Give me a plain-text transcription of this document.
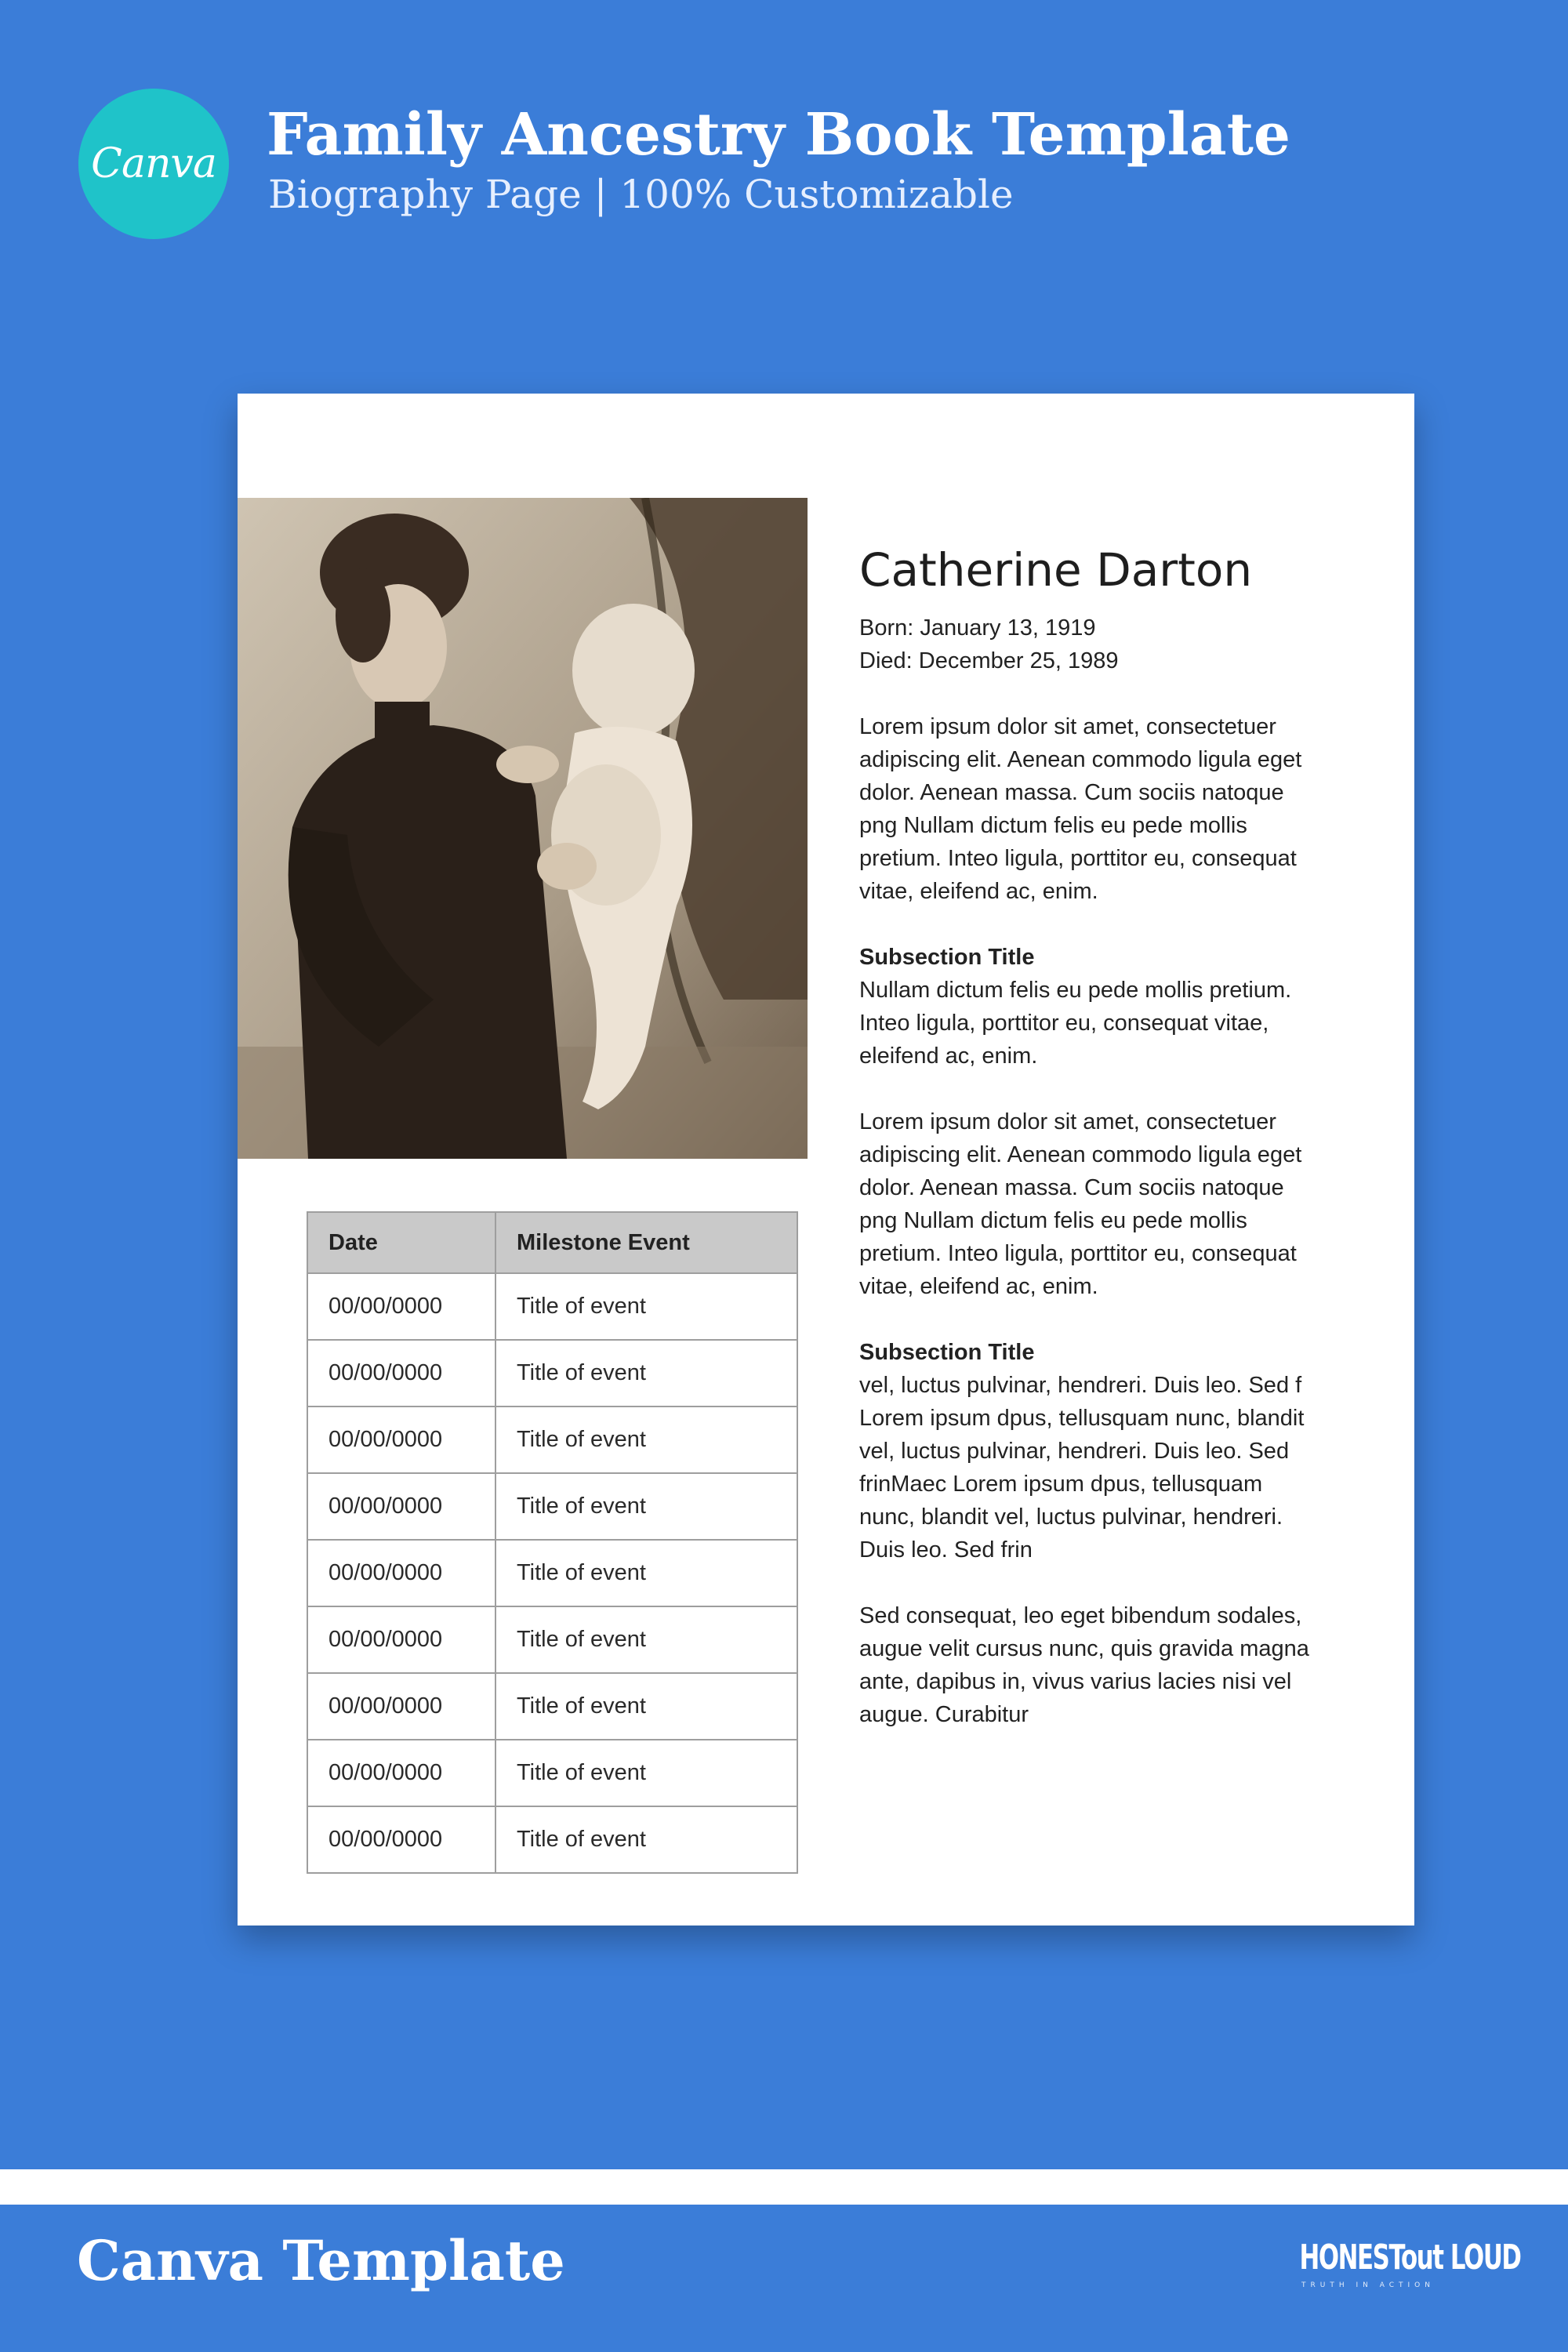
Canva Family Ancestry Book Template
Biography Page | 100% Customizable
Catherine Darton

Born: January 13, 1919

Died: December 25, 1989

Lorem ipsum dolor sit amet, consectetuer adipiscing elit. Aenean commodo ligula eget dolor. Aenean massa. Cum sociis natoque png Nullam dictum felis eu pede mollis pretium. Inteo ligula, porttitor eu, consequat vitae, eleifend ac, enim.

Subsection Title
Nullam dictum felis eu pede mollis pretium. Inteo ligula, porttitor eu, consequat vitae, eleifend ac, enim.

Lorem ipsum dolor sit amet, consectetuer adipiscing elit. Aenean commodo ligula eget dolor. Aenean massa. Cum sociis natoque png Nullam dictum felis eu pede mollis pretium. Inteo ligula, porttitor eu, consequat vitae, eleifend ac, enim.

Subsection Title
vel, luctus pulvinar, hendreri. Duis leo. Sed f Lorem ipsum dpus, tellusquam nunc, blandit vel, luctus pulvinar, hendreri. Duis leo. Sed frinMaec Lorem ipsum dpus, tellusquam nunc, blandit vel, luctus pulvinar, hendreri. Duis leo. Sed frin

Sed consequat, leo eget bibendum sodales, augue velit cursus nunc, quis gravida magna ante, dapibus in, vivus varius lacies nisi vel augue. Curabitur

Date	Milestone Event
00/00/0000	Title of event
00/00/0000	Title of event
00/00/0000	Title of event
00/00/0000	Title of event
00/00/0000	Title of event
00/00/0000	Title of event
00/00/0000	Title of event
00/00/0000	Title of event
00/00/0000	Title of event
Canva Template	HONESTout LOUD
TRUTH IN ACTION
